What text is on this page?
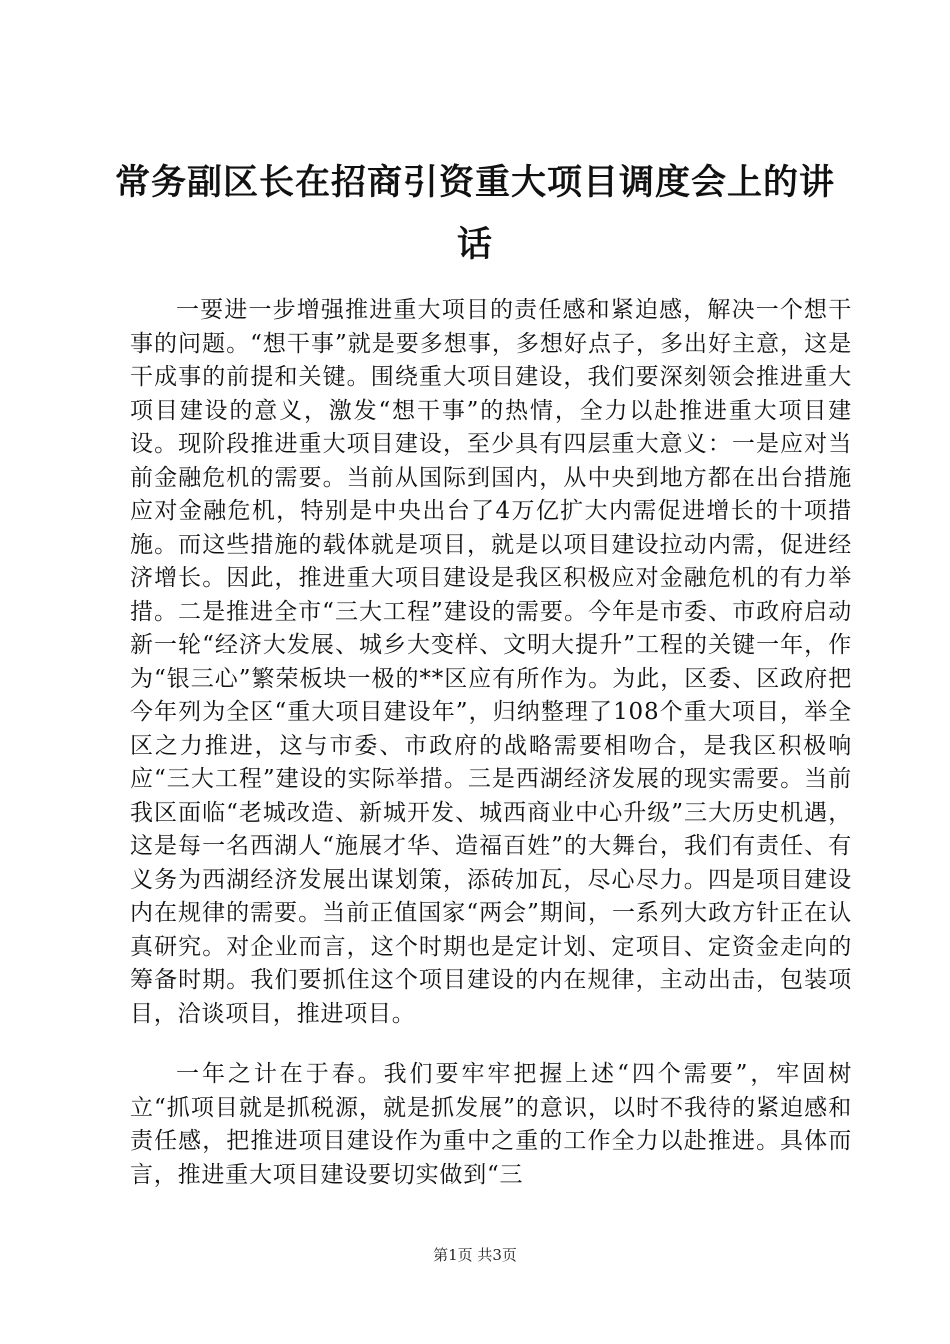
常务副区长在招商引资重大项目调度会上的讲话

一要进一步增强推进重大项目的责任感和紧迫感，解决一个想干事的问题。“想干事”就是要多想事，多想好点子，多出好主意，这是干成事的前提和关键。围绕重大项目建设，我们要深刻领会推进重大项目建设的意义，激发“想干事”的热情，全力以赴推进重大项目建设。现阶段推进重大项目建设，至少具有四层重大意义：一是应对当前金融危机的需要。当前从国际到国内，从中央到地方都在出台措施应对金融危机，特别是中央出台了4万亿扩大内需促进增长的十项措施。而这些措施的载体就是项目，就是以项目建设拉动内需，促进经济增长。因此，推进重大项目建设是我区积极应对金融危机的有力举措。二是推进全市“三大工程”建设的需要。今年是市委、市政府启动新一轮“经济大发展、城乡大变样、文明大提升”工程的关键一年，作为“银三心”繁荣板块一极的**区应有所作为。为此，区委、区政府把今年列为全区“重大项目建设年”，归纳整理了108个重大项目，举全区之力推进，这与市委、市政府的战略需要相吻合，是我区积极响应“三大工程”建设的实际举措。三是西湖经济发展的现实需要。当前我区面临“老城改造、新城开发、城西商业中心升级”三大历史机遇，这是每一名西湖人“施展才华、造福百姓”的大舞台，我们有责任、有义务为西湖经济发展出谋划策，添砖加瓦，尽心尽力。四是项目建设内在规律的需要。当前正值国家“两会”期间，一系列大政方针正在认真研究。对企业而言，这个时期也是定计划、定项目、定资金走向的筹备时期。我们要抓住这个项目建设的内在规律，主动出击，包装项目，洽谈项目，推进项目。

一年之计在于春。我们要牢牢把握上述“四个需要”，牢固树立“抓项目就是抓税源，就是抓发展”的意识，以时不我待的紧迫感和责任感，把推进项目建设作为重中之重的工作全力以赴推进。具体而言，推进重大项目建设要切实做到“三

第1页 共3页
